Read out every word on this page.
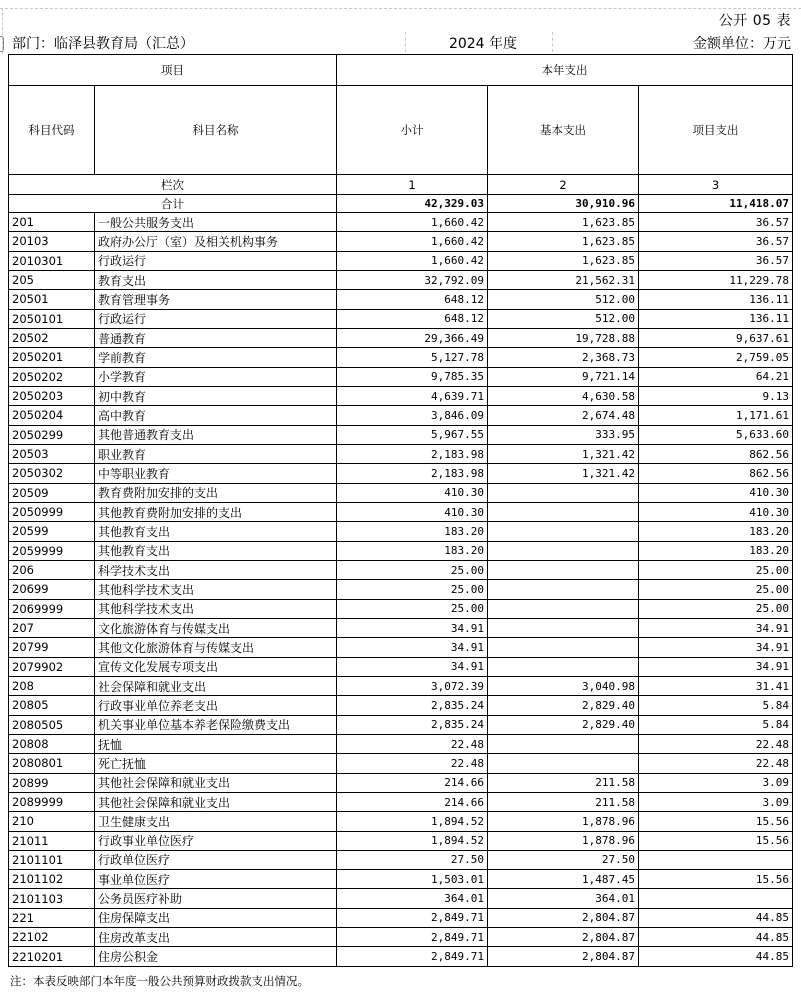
公开 05 表
部门：临泽县教育局（汇总）	2024 年度	金额单位：万元
项目		本年支出		
科目代码	科目名称	小计	基本支出	项目支出
栏次		1	2	3
合计		42,329.03	30,910.96	11,418.07
201	一般公共服务支出	1,660.42	1,623.85	36.57
20103	政府办公厅（室）及相关机构事务	1,660.42	1,623.85	36.57
2010301	行政运行	1,660.42	1,623.85	36.57
205	教育支出	32,792.09	21,562.31	11,229.78
20501	教育管理事务	648.12	512.00	136.11
2050101	行政运行	648.12	512.00	136.11
20502	普通教育	29,366.49	19,728.88	9,637.61
2050201	学前教育	5,127.78	2,368.73	2,759.05
2050202	小学教育	9,785.35	9,721.14	64.21
2050203	初中教育	4,639.71	4,630.58	9.13
2050204	高中教育	3,846.09	2,674.48	1,171.61
2050299	其他普通教育支出	5,967.55	333.95	5,633.60
20503	职业教育	2,183.98	1,321.42	862.56
2050302	中等职业教育	2,183.98	1,321.42	862.56
20509	教育费附加安排的支出	410.30		410.30
2050999	其他教育费附加安排的支出	410.30		410.30
20599	其他教育支出	183.20		183.20
2059999	其他教育支出	183.20		183.20
206	科学技术支出	25.00		25.00
20699	其他科学技术支出	25.00		25.00
2069999	其他科学技术支出	25.00		25.00
207	文化旅游体育与传媒支出	34.91		34.91
20799	其他文化旅游体育与传媒支出	34.91		34.91
2079902	宣传文化发展专项支出	34.91		34.91
208	社会保障和就业支出	3,072.39	3,040.98	31.41
20805	行政事业单位养老支出	2,835.24	2,829.40	5.84
2080505	机关事业单位基本养老保险缴费支出	2,835.24	2,829.40	5.84
20808	抚恤	22.48		22.48
2080801	死亡抚恤	22.48		22.48
20899	其他社会保障和就业支出	214.66	211.58	3.09
2089999	其他社会保障和就业支出	214.66	211.58	3.09
210	卫生健康支出	1,894.52	1,878.96	15.56
21011	行政事业单位医疗	1,894.52	1,878.96	15.56
2101101	行政单位医疗	27.50	27.50	
2101102	事业单位医疗	1,503.01	1,487.45	15.56
2101103	公务员医疗补助	364.01	364.01	
221	住房保障支出	2,849.71	2,804.87	44.85
22102	住房改革支出	2,849.71	2,804.87	44.85
2210201	住房公积金	2,849.71	2,804.87	44.85
注：本表反映部门本年度一般公共预算财政拨款支出情况。
